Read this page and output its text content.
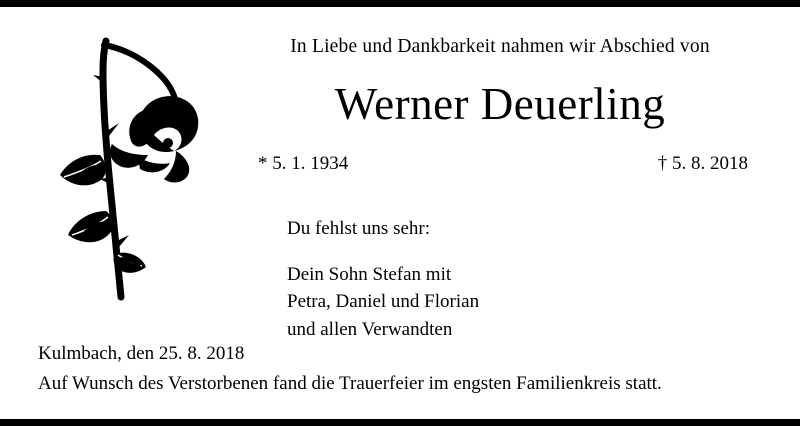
In Liebe und Dankbarkeit nahmen wir Abschied von
Werner Deuerling
* 5. 1. 1934	† 5. 8. 2018
Du fehlst uns sehr:
Dein Sohn Stefan mit
Petra, Daniel und Florian
und allen Verwandten
Kulmbach, den 25. 8. 2018
Auf Wunsch des Verstorbenen fand die Trauerfeier im engsten Familienkreis statt.
